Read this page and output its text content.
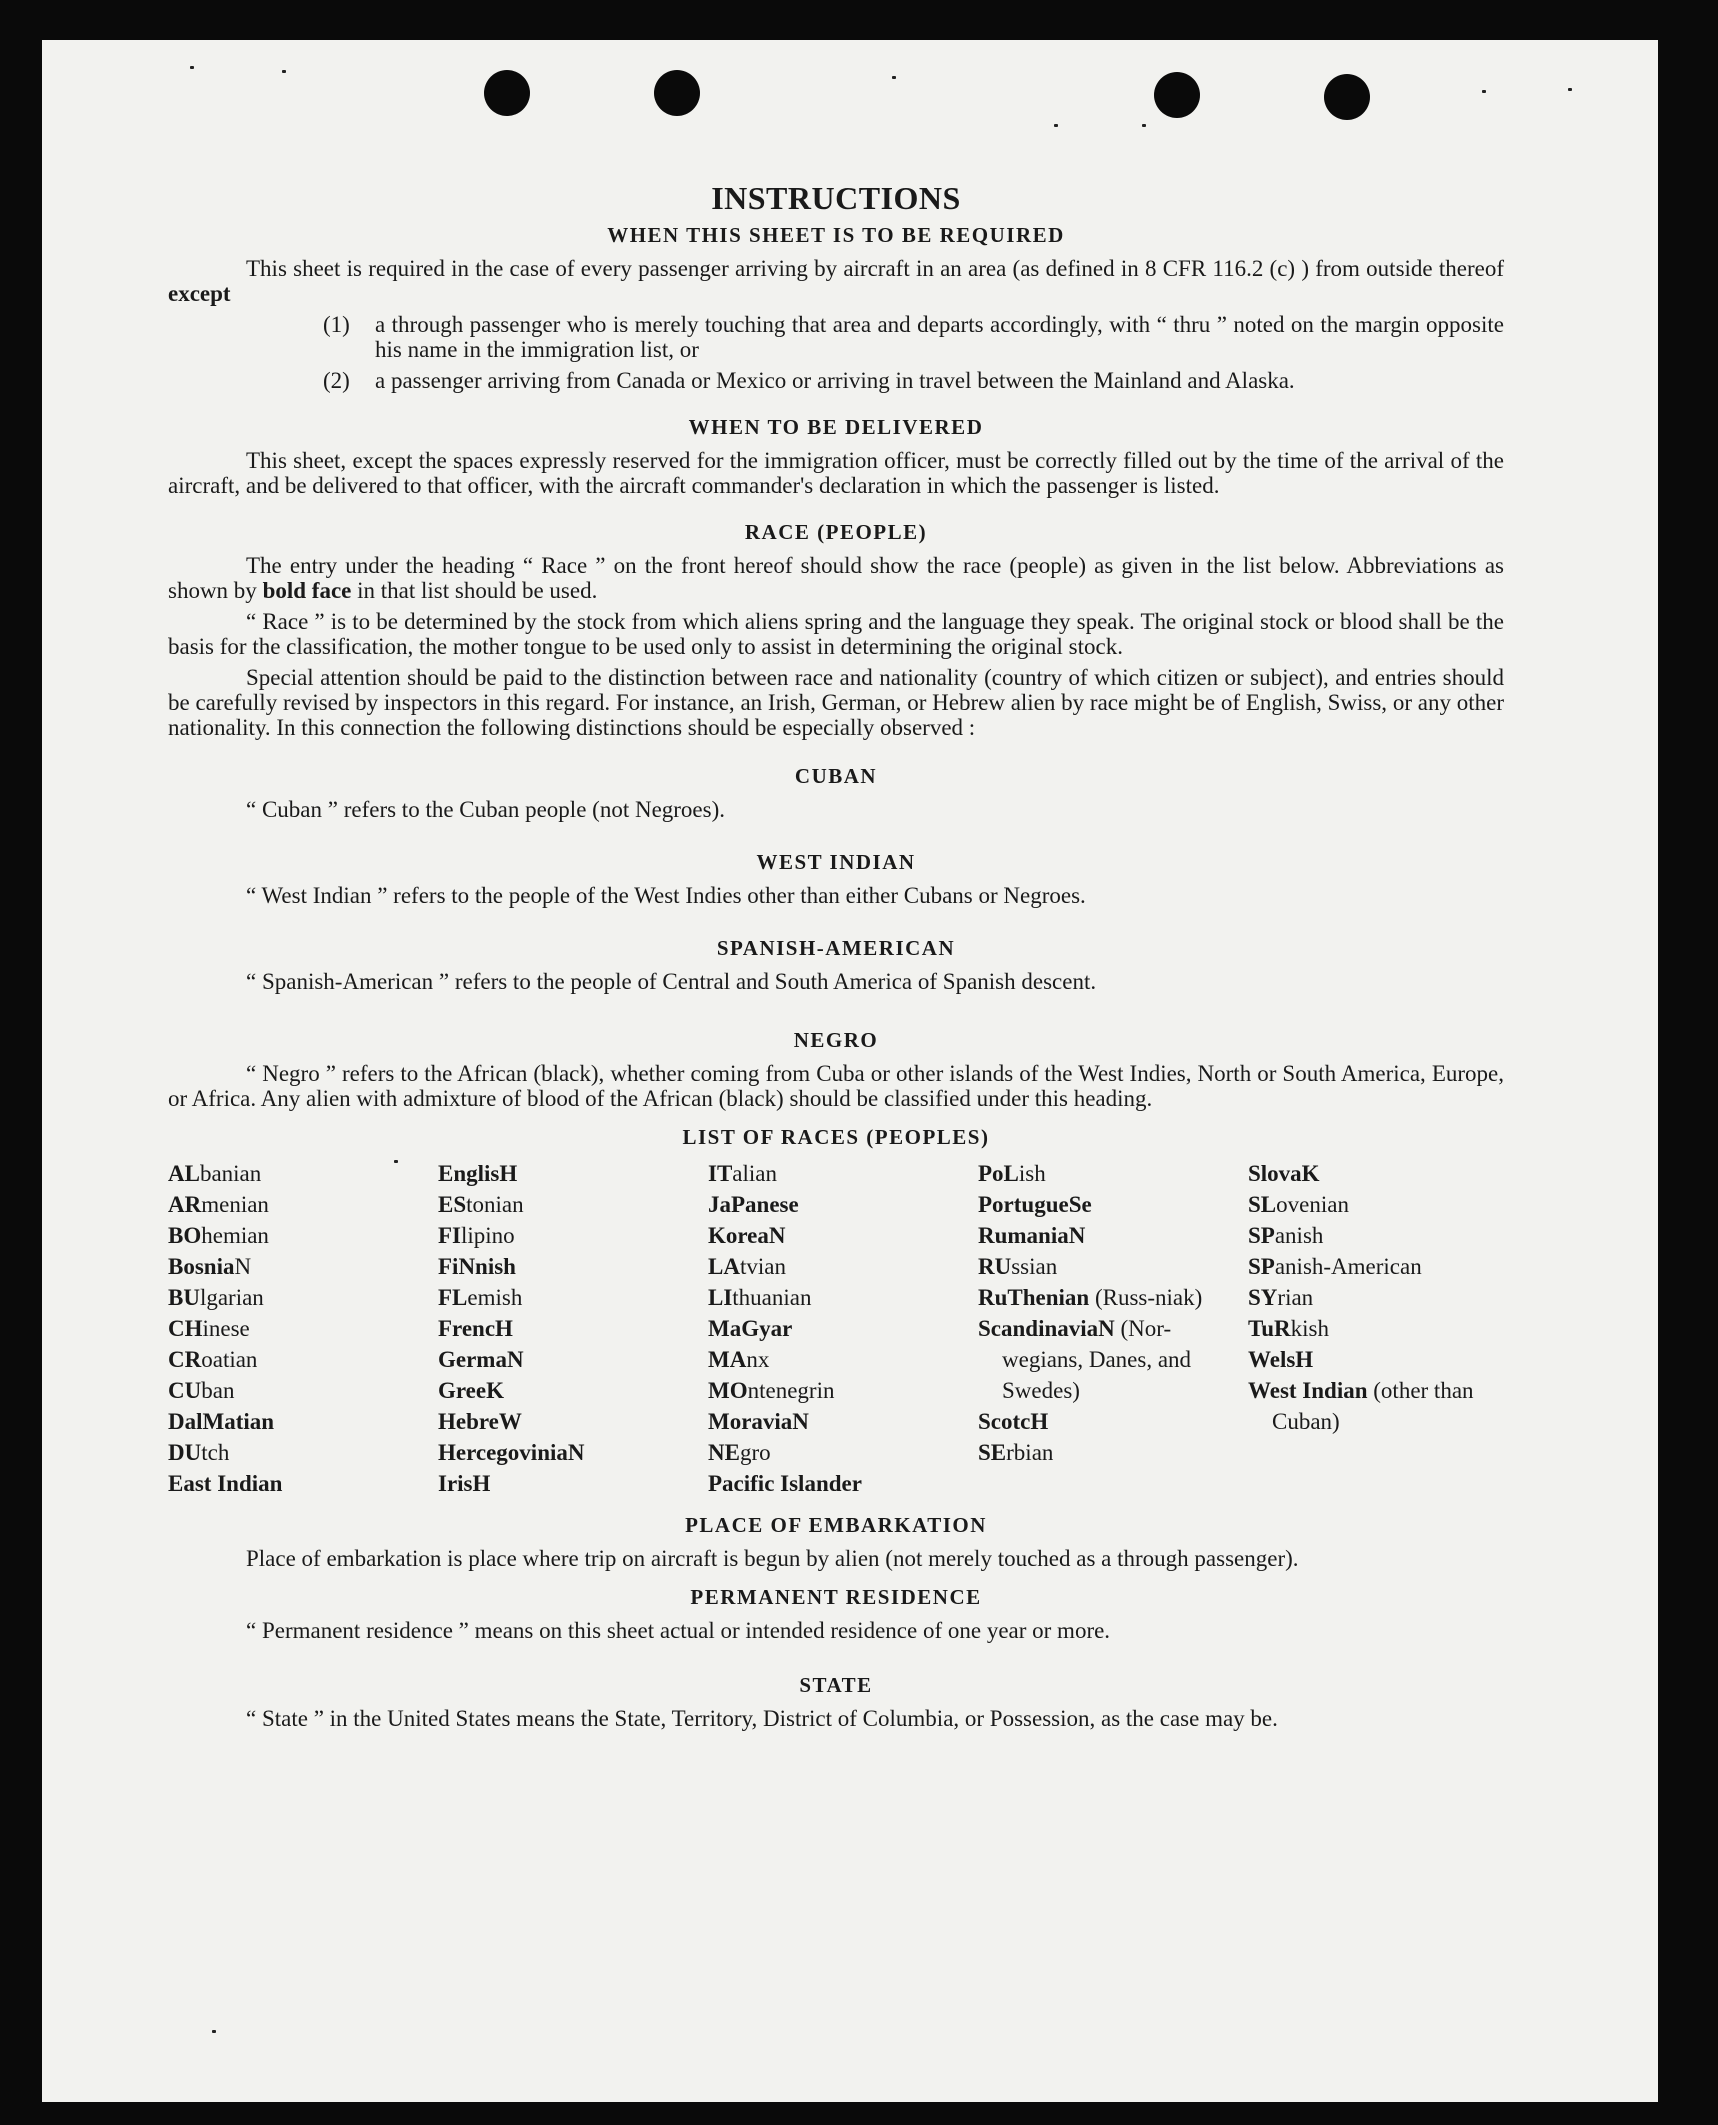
INSTRUCTIONS
WHEN THIS SHEET IS TO BE REQUIRED

This sheet is required in the case of every passenger arriving by aircraft in an area (as defined in 8 CFR 116.2 (c) ) from outside thereof except

(1)	a through passenger who is merely touching that area and departs accordingly, with “ thru ” noted on the margin opposite his name in the immigration list, or
(2)	a passenger arriving from Canada or Mexico or arriving in travel between the Mainland and Alaska.
WHEN TO BE DELIVERED

This sheet, except the spaces expressly reserved for the immigration officer, must be correctly filled out by the time of the arrival of the aircraft, and be delivered to that officer, with the aircraft commander's declaration in which the passenger is listed.

RACE (PEOPLE)

The entry under the heading “ Race ” on the front hereof should show the race (people) as given in the list below. Abbreviations as shown by bold face in that list should be used.

“ Race ” is to be determined by the stock from which aliens spring and the language they speak. The original stock or blood shall be the basis for the classification, the mother tongue to be used only to assist in determining the original stock.

Special attention should be paid to the distinction between race and nationality (country of which citizen or subject), and entries should be carefully revised by inspectors in this regard. For instance, an Irish, German, or Hebrew alien by race might be of English, Swiss, or any other nationality. In this connection the following distinctions should be especially observed :

CUBAN

“ Cuban ” refers to the Cuban people (not Negroes).

WEST INDIAN

“ West Indian ” refers to the people of the West Indies other than either Cubans or Negroes.

SPANISH-AMERICAN

“ Spanish-American ” refers to the people of Central and South America of Spanish descent.

NEGRO

“ Negro ” refers to the African (black), whether coming from Cuba or other islands of the West Indies, North or South America, Europe, or Africa. Any alien with admixture of blood of the African (black) should be classified under this heading.

LIST OF RACES (PEOPLES)
ALbanian
ARmenian
BOhemian
BosniaN
BUlgarian
CHinese
CRoatian
CUban
DalMatian
DUtch
East Indian
EnglisH
EStonian
FIlipino
FiNnish
FLemish
FrencH
GermaN
GreeK
HebreW
HercegoviniaN
IrisH
ITalian
JaPanese
KoreaN
LAtvian
LIthuanian
MaGyar
MAnx
MOntenegrin
MoraviaN
NEgro
Pacific Islander
PoLish
PortugueSe
RumaniaN
RUssian
RuThenian (Russ-niak)
ScandinaviaN (Nor-wegians, Danes, and Swedes)
ScotcH
SErbian
SlovaK
SLovenian
SPanish
SPanish-American
SYrian
TuRkish
WelsH
West Indian (other than Cuban)
PLACE OF EMBARKATION

Place of embarkation is place where trip on aircraft is begun by alien (not merely touched as a through passenger).

PERMANENT RESIDENCE

“ Permanent residence ” means on this sheet actual or intended residence of one year or more.

STATE

“ State ” in the United States means the State, Territory, District of Columbia, or Possession, as the case may be.
